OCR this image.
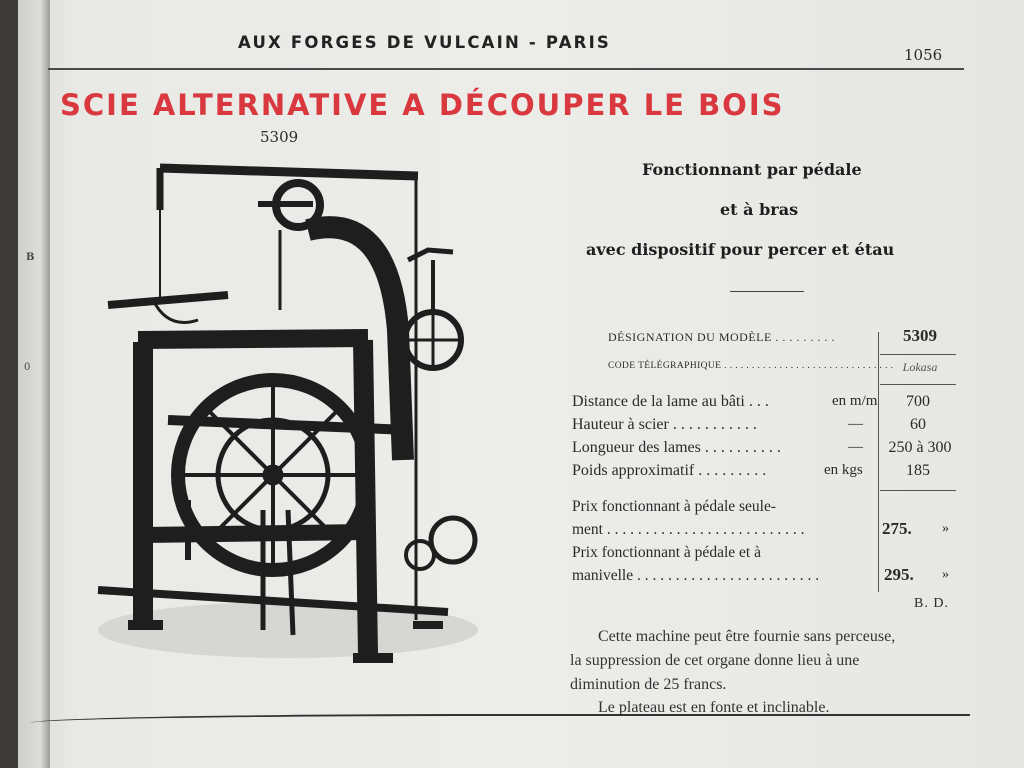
B
0
AUX FORGES DE VULCAIN - PARIS
1056
SCIE ALTERNATIVE A DÉCOUPER LE BOIS
5309
Fonctionnant par pédale
et à bras
avec dispositif pour percer et étau
DÉSIGNATION DU MODÈLE . . . . . . . . .	5309
CODE TÉLÉGRAPHIQUE . . . . . . . . . . . . . . . . . . . . . . . . . . . . . . . Lokasa
Distance de la lame au bâti . . .	en m/m	700
Hauteur à scier . . . . . . . . . . .	—	60
Longueur des lames . . . . . . . . . .	—	250 à 300
Poids approximatif . . . . . . . . .	en kgs	185
Prix fonctionnant à pédale seule-
ment . . . . . . . . . . . . . . . . . . . . . . . . . .	275. »
Prix fonctionnant à pédale et à
manivelle . . . . . . . . . . . . . . . . . . . . . . . .	295. »
B. D.
Cette machine peut être fournie sans perceuse,
la suppression de cet organe donne lieu à une
diminution de 25 francs.
Le plateau est en fonte et inclinable.
